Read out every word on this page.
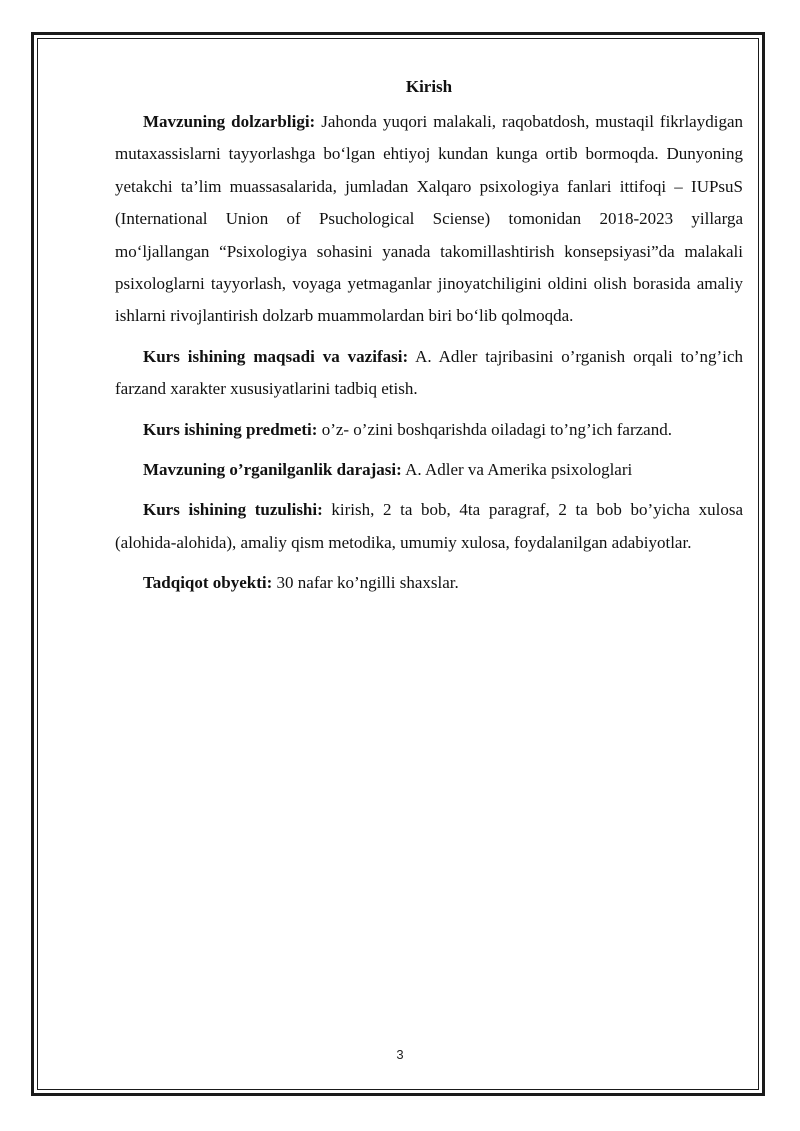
Kirish

Mavzuning dolzarbligi: Jahonda yuqori malakali, raqobatdosh, mustaqil fikrlaydigan mutaxassislarni tayyorlashga bo‘lgan ehtiyoj kundan kunga ortib bormoqda. Dunyoning yetakchi ta’lim muassasalarida, jumladan Xalqaro psixologiya fanlari ittifoqi – IUPsuS (International Union of Psuchological Sciense) tomonidan 2018-2023 yillarga mo‘ljallangan “Psixologiya sohasini yanada takomillashtirish konsepsiyasi”da malakali psixologlarni tayyorlash, voyaga yetmaganlar jinoyatchiligini oldini olish borasida amaliy ishlarni rivojlantirish dolzarb muammolardan biri bo‘lib qolmoqda.

Kurs ishining maqsadi va vazifasi: A. Adler tajribasini o’rganish orqali to’ng’ich farzand xarakter xususiyatlarini tadbiq etish.

Kurs ishining predmeti: o’z- o’zini boshqarishda oiladagi to’ng’ich farzand.

Mavzuning o’rganilganlik darajasi: A. Adler va Amerika psixologlari

Kurs ishining tuzulishi: kirish, 2 ta bob, 4ta paragraf, 2 ta bob bo’yicha xulosa (alohida-alohida), amaliy qism metodika, umumiy xulosa, foydalanilgan adabiyotlar.

Tadqiqot obyekti: 30 nafar ko’ngilli shaxslar.

3
